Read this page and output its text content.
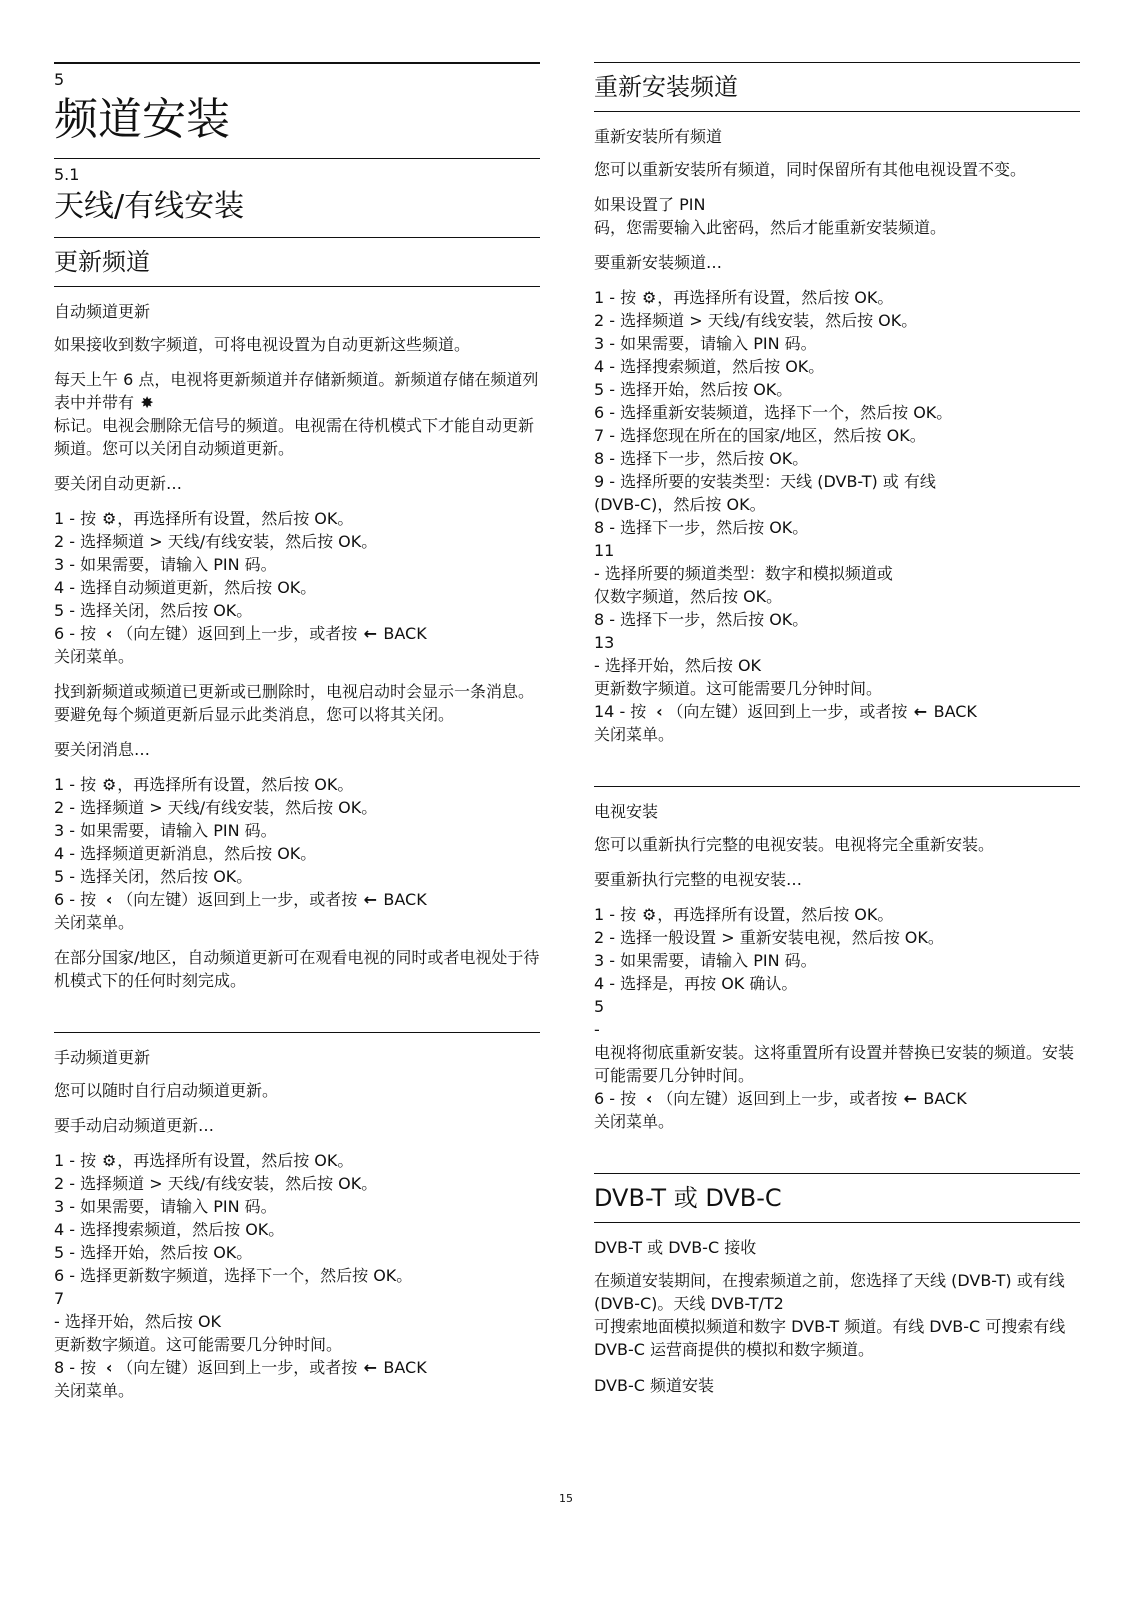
5
频道安装
5.1
天线/有线安装
更新频道
自动频道更新

如果接收到数字频道，可将电视设置为自动更新这些频道。

每天上午 6 点，电视将更新频道并存储新频道。新频道存储在频道列表中并带有 ✸
标记。电视会删除无信号的频道。电视需在待机模式下才能自动更新频道。您可以关闭自动频道更新。

要关闭自动更新…

1 - 按 ⚙，再选择所有设置，然后按 OK。
2 - 选择频道 > 天线/有线安装，然后按 OK。
3 - 如果需要，请输入 PIN 码。
4 - 选择自动频道更新，然后按 OK。
5 - 选择关闭，然后按 OK。
6 - 按 ‹ （向左键）返回到上一步，或者按 ← BACK
关闭菜单。

找到新频道或频道已更新或已删除时，电视启动时会显示一条消息。要避免每个频道更新后显示此类消息，您可以将其关闭。

要关闭消息…

1 - 按 ⚙，再选择所有设置，然后按 OK。
2 - 选择频道 > 天线/有线安装，然后按 OK。
3 - 如果需要，请输入 PIN 码。
4 - 选择频道更新消息，然后按 OK。
5 - 选择关闭，然后按 OK。
6 - 按 ‹ （向左键）返回到上一步，或者按 ← BACK
关闭菜单。

在部分国家/地区，自动频道更新可在观看电视的同时或者电视处于待机模式下的任何时刻完成。

手动频道更新

您可以随时自行启动频道更新。

要手动启动频道更新…

1 - 按 ⚙，再选择所有设置，然后按 OK。
2 - 选择频道 > 天线/有线安装，然后按 OK。
3 - 如果需要，请输入 PIN 码。
4 - 选择搜索频道，然后按 OK。
5 - 选择开始，然后按 OK。
6 - 选择更新数字频道，选择下一个，然后按 OK。
7
- 选择开始，然后按 OK
更新数字频道。这可能需要几分钟时间。
8 - 按 ‹ （向左键）返回到上一步，或者按 ← BACK
关闭菜单。
重新安装频道
重新安装所有频道

您可以重新安装所有频道，同时保留所有其他电视设置不变。

如果设置了 PIN
码，您需要输入此密码，然后才能重新安装频道。

要重新安装频道…

1 - 按 ⚙，再选择所有设置，然后按 OK。
2 - 选择频道 > 天线/有线安装，然后按 OK。
3 - 如果需要，请输入 PIN 码。
4 - 选择搜索频道，然后按 OK。
5 - 选择开始，然后按 OK。
6 - 选择重新安装频道，选择下一个，然后按 OK。
7 - 选择您现在所在的国家/地区，然后按 OK。
8 - 选择下一步，然后按 OK。
9 - 选择所要的安装类型：天线 (DVB-T) 或 有线
(DVB-C)，然后按 OK。
8 - 选择下一步，然后按 OK。
11
- 选择所要的频道类型：数字和模拟频道或
仅数字频道，然后按 OK。
8 - 选择下一步，然后按 OK。
13
- 选择开始，然后按 OK
更新数字频道。这可能需要几分钟时间。
14 - 按 ‹ （向左键）返回到上一步，或者按 ← BACK
关闭菜单。
电视安装

您可以重新执行完整的电视安装。电视将完全重新安装。

要重新执行完整的电视安装…

1 - 按 ⚙，再选择所有设置，然后按 OK。
2 - 选择一般设置 > 重新安装电视，然后按 OK。
3 - 如果需要，请输入 PIN 码。
4 - 选择是，再按 OK 确认。
5
-
电视将彻底重新安装。这将重置所有设置并替换已安装的频道。安装可能需要几分钟时间。
6 - 按 ‹ （向左键）返回到上一步，或者按 ← BACK
关闭菜单。
DVB-T 或 DVB-C
DVB-T 或 DVB-C 接收

在频道安装期间，在搜索频道之前，您选择了天线 (DVB-T) 或有线 (DVB-C)。天线 DVB-T/T2
可搜索地面模拟频道和数字 DVB-T 频道。有线 DVB-C 可搜索有线 DVB-C 运营商提供的模拟和数字频道。

DVB-C 频道安装
15
